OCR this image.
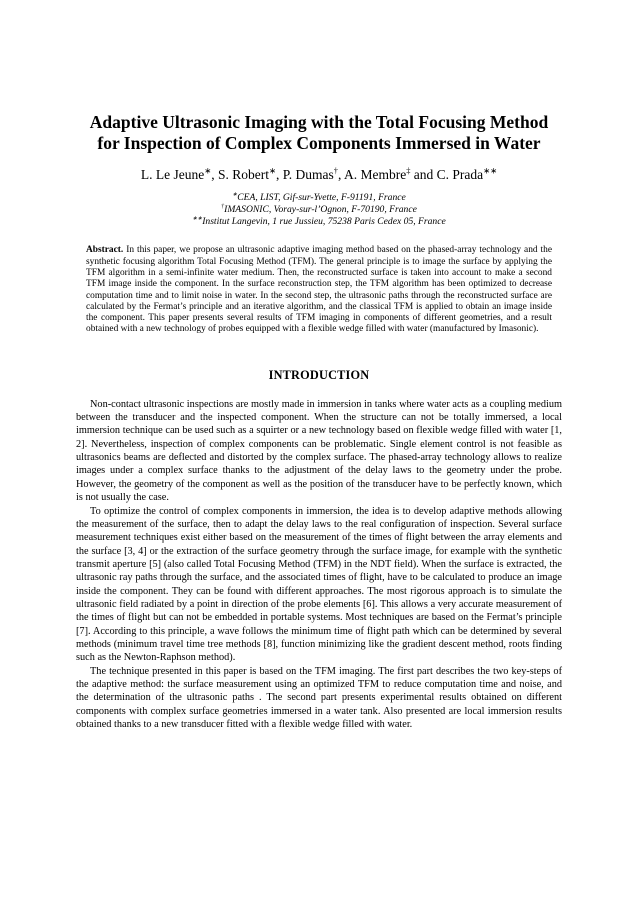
Adaptive Ultrasonic Imaging with the Total Focusing Method
for Inspection of Complex Components Immersed in Water
L. Le Jeune∗, S. Robert∗, P. Dumas†, A. Membre‡ and C. Prada∗∗
∗CEA, LIST, Gif-sur-Yvette, F-91191, France
†IMASONIC, Voray-sur-l’Ognon, F-70190, France
∗∗Institut Langevin, 1 rue Jussieu, 75238 Paris Cedex 05, France

Abstract. In this paper, we propose an ultrasonic adaptive imaging method based on the phased-array technology and the synthetic focusing algorithm Total Focusing Method (TFM). The general principle is to image the surface by applying the TFM algorithm in a semi-infinite water medium. Then, the reconstructed surface is taken into account to make a second TFM image inside the component. In the surface reconstruction step, the TFM algorithm has been optimized to decrease computation time and to limit noise in water. In the second step, the ultrasonic paths through the reconstructed surface are calculated by the Fermat’s principle and an iterative algorithm, and the classical TFM is applied to obtain an image inside the component. This paper presents several results of TFM imaging in components of different geometries, and a result obtained with a new technology of probes equipped with a flexible wedge filled with water (manufactured by Imasonic).

INTRODUCTION

Non-contact ultrasonic inspections are mostly made in immersion in tanks where water acts as a coupling medium between the transducer and the inspected component. When the structure can not be totally immersed, a local immersion technique can be used such as a squirter or a new technology based on flexible wedge filled with water [1, 2]. Nevertheless, inspection of complex components can be problematic. Single element control is not feasible as ultrasonics beams are deflected and distorted by the complex surface. The phased-array technology allows to realize images under a complex surface thanks to the adjustment of the delay laws to the geometry under the probe. However, the geometry of the component as well as the position of the transducer have to be perfectly known, which is not usually the case.

To optimize the control of complex components in immersion, the idea is to develop adaptive methods allowing the measurement of the surface, then to adapt the delay laws to the real configuration of inspection. Several surface measurement techniques exist either based on the measurement of the times of flight between the array elements and the surface [3, 4] or the extraction of the surface geometry through the surface image, for example with the synthetic transmit aperture [5] (also called Total Focusing Method (TFM) in the NDT field). When the surface is extracted, the ultrasonic ray paths through the surface, and the associated times of flight, have to be calculated to produce an image inside the component. They can be found with different approaches. The most rigorous approach is to simulate the ultrasonic field radiated by a point in direction of the probe elements [6]. This allows a very accurate measurement of the times of flight but can not be embedded in portable systems. Most techniques are based on the Fermat’s principle [7]. According to this principle, a wave follows the minimum time of flight path which can be determined by several methods (minimum travel time tree methods [8], function minimizing like the gradient descent method, roots finding such as the Newton-Raphson method).

The technique presented in this paper is based on the TFM imaging. The first part describes the two key-steps of the adaptive method: the surface measurement using an optimized TFM to reduce computation time and noise, and the determination of the ultrasonic paths . The second part presents experimental results obtained on different components with complex surface geometries immersed in a water tank. Also presented are local immersion results obtained thanks to a new transducer fitted with a flexible wedge filled with water.
